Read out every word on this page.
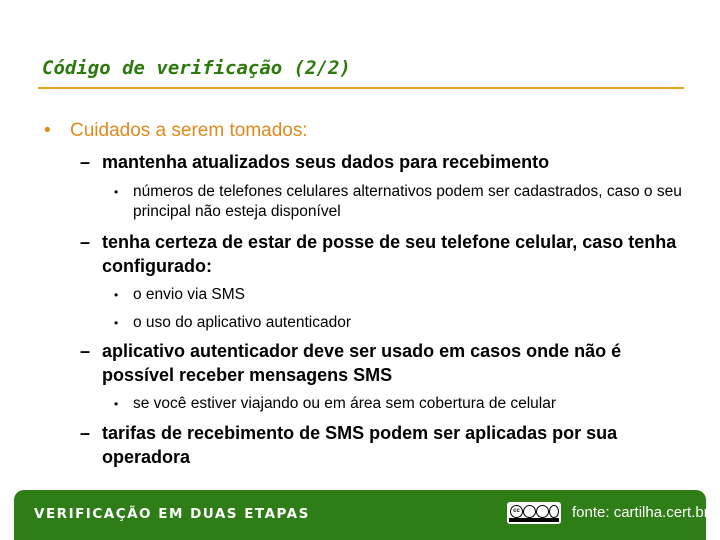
Código de verificação (2/2)
• Cuidados a serem tomados:
– mantenha atualizados seus dados para recebimento
• números de telefones celulares alternativos podem ser cadastrados, caso o seu principal não esteja disponível
– tenha certeza de estar de posse de seu telefone celular, caso tenha configurado:
• o envio via SMS
• o uso do aplicativo autenticador
– aplicativo autenticador deve ser usado em casos onde não é possível receber mensagens SMS
• se você estiver viajando ou em área sem cobertura de celular
– tarifas de recebimento de SMS podem ser aplicadas por sua operadora
VERIFICAÇÃO EM DUAS ETAPAS	cc	fonte: cartilha.cert.br
